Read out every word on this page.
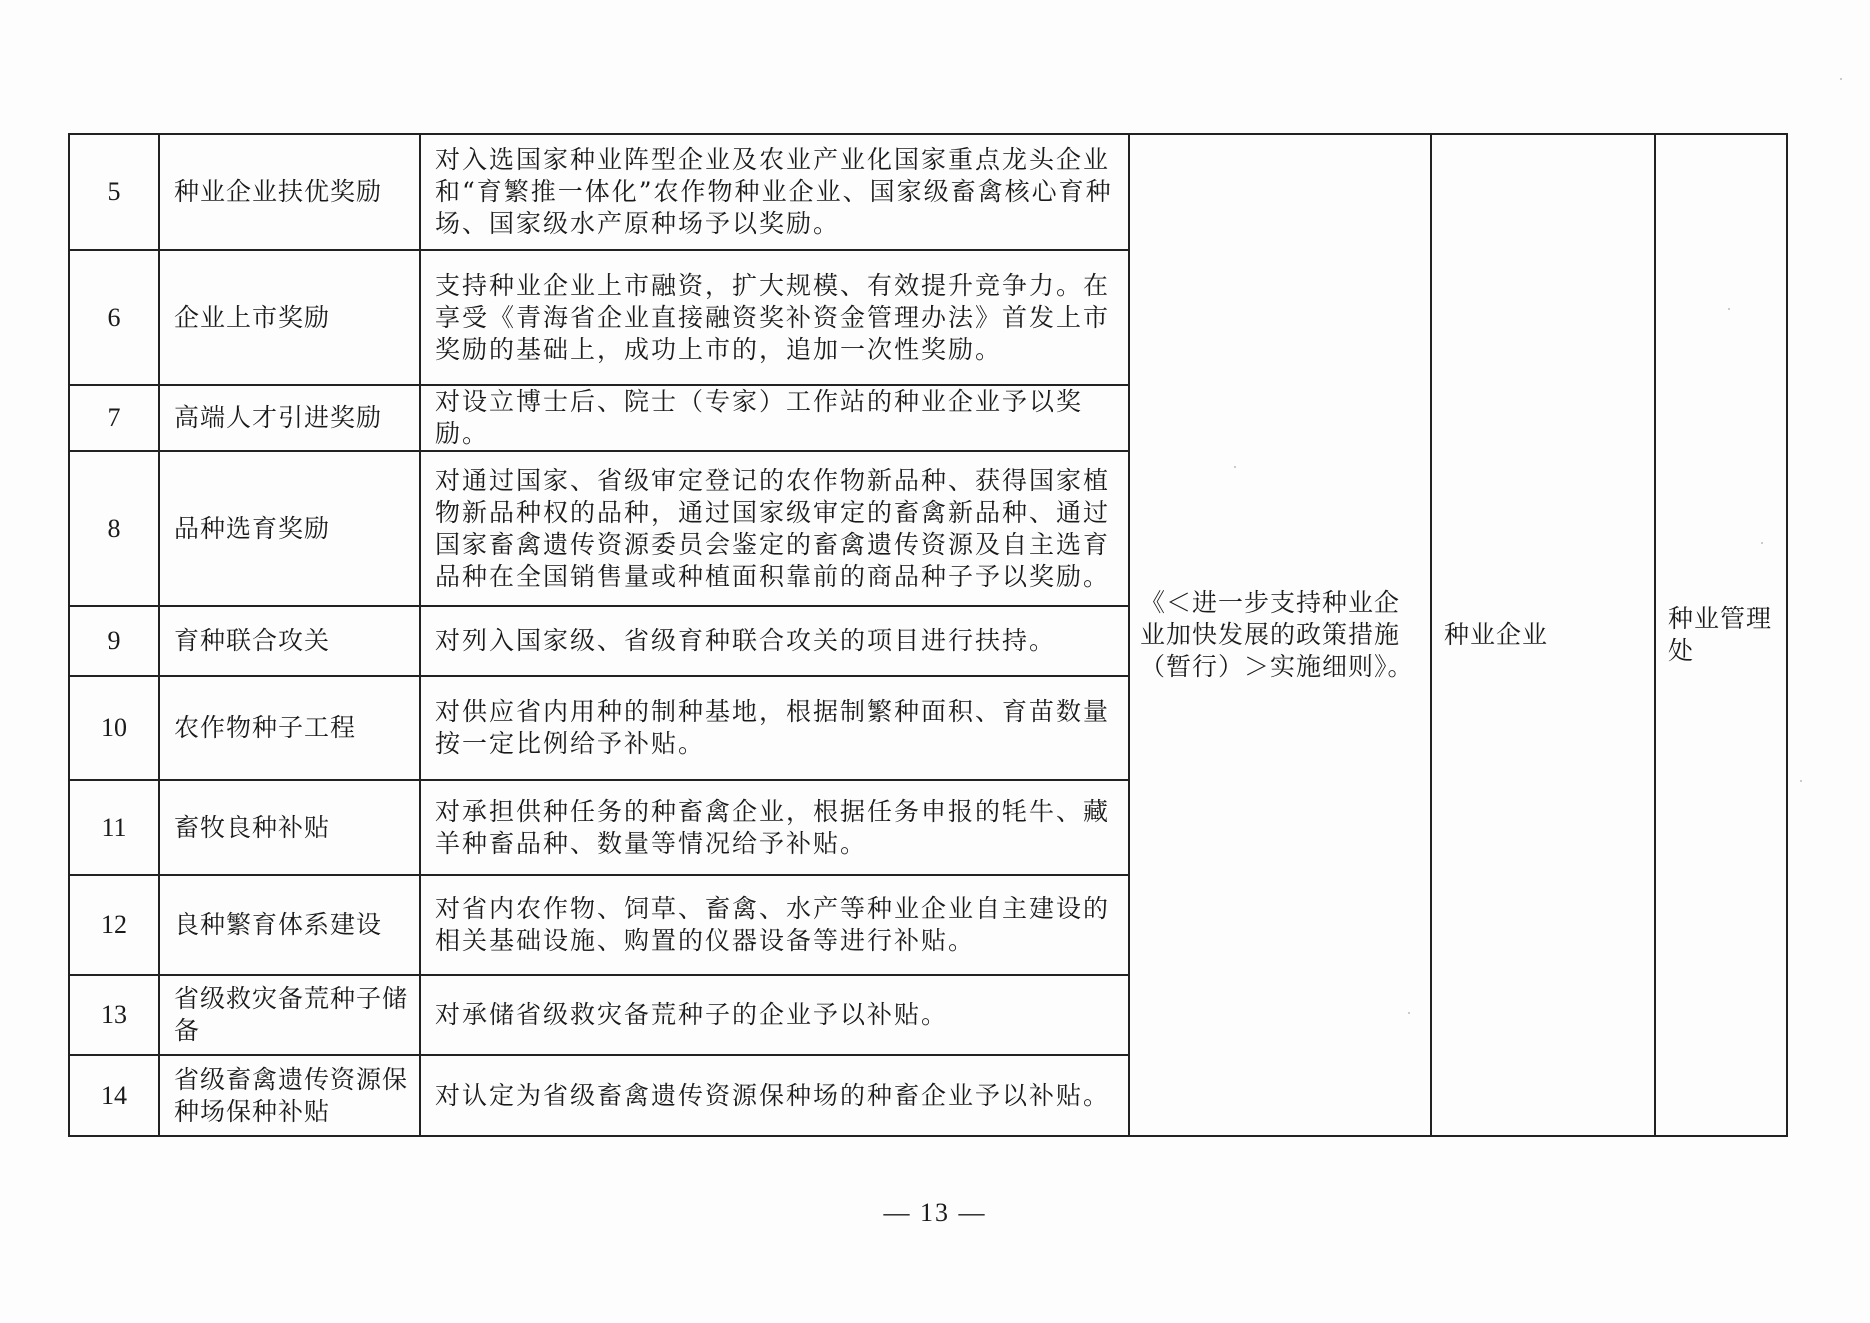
5	种业企业扶优奖励	对入选国家种业阵型企业及农业产业化国家重点龙头企业和“育繁推一体化”农作物种业企业、国家级畜禽核心育种场、国家级水产原种场予以奖励。	《＜进一步支持种业企业加快发展的政策措施（暂行）＞实施细则》。	种业企业	种业管理处
6	企业上市奖励	支持种业企业上市融资，扩大规模、有效提升竞争力。在享受《青海省企业直接融资奖补资金管理办法》首发上市奖励的基础上，成功上市的，追加一次性奖励。			
7	高端人才引进奖励	对设立博士后、院士（专家）工作站的种业企业予以奖励。			
8	品种选育奖励	对通过国家、省级审定登记的农作物新品种、获得国家植物新品种权的品种，通过国家级审定的畜禽新品种、通过国家畜禽遗传资源委员会鉴定的畜禽遗传资源及自主选育品种在全国销售量或种植面积靠前的商品种子予以奖励。			
9	育种联合攻关	对列入国家级、省级育种联合攻关的项目进行扶持。			
10	农作物种子工程	对供应省内用种的制种基地，根据制繁种面积、育苗数量按一定比例给予补贴。			
11	畜牧良种补贴	对承担供种任务的种畜禽企业，根据任务申报的牦牛、藏羊种畜品种、数量等情况给予补贴。			
12	良种繁育体系建设	对省内农作物、饲草、畜禽、水产等种业企业自主建设的相关基础设施、购置的仪器设备等进行补贴。			
13	省级救灾备荒种子储备	对承储省级救灾备荒种子的企业予以补贴。			
14	省级畜禽遗传资源保种场保种补贴	对认定为省级畜禽遗传资源保种场的种畜企业予以补贴。			
— 13 —
